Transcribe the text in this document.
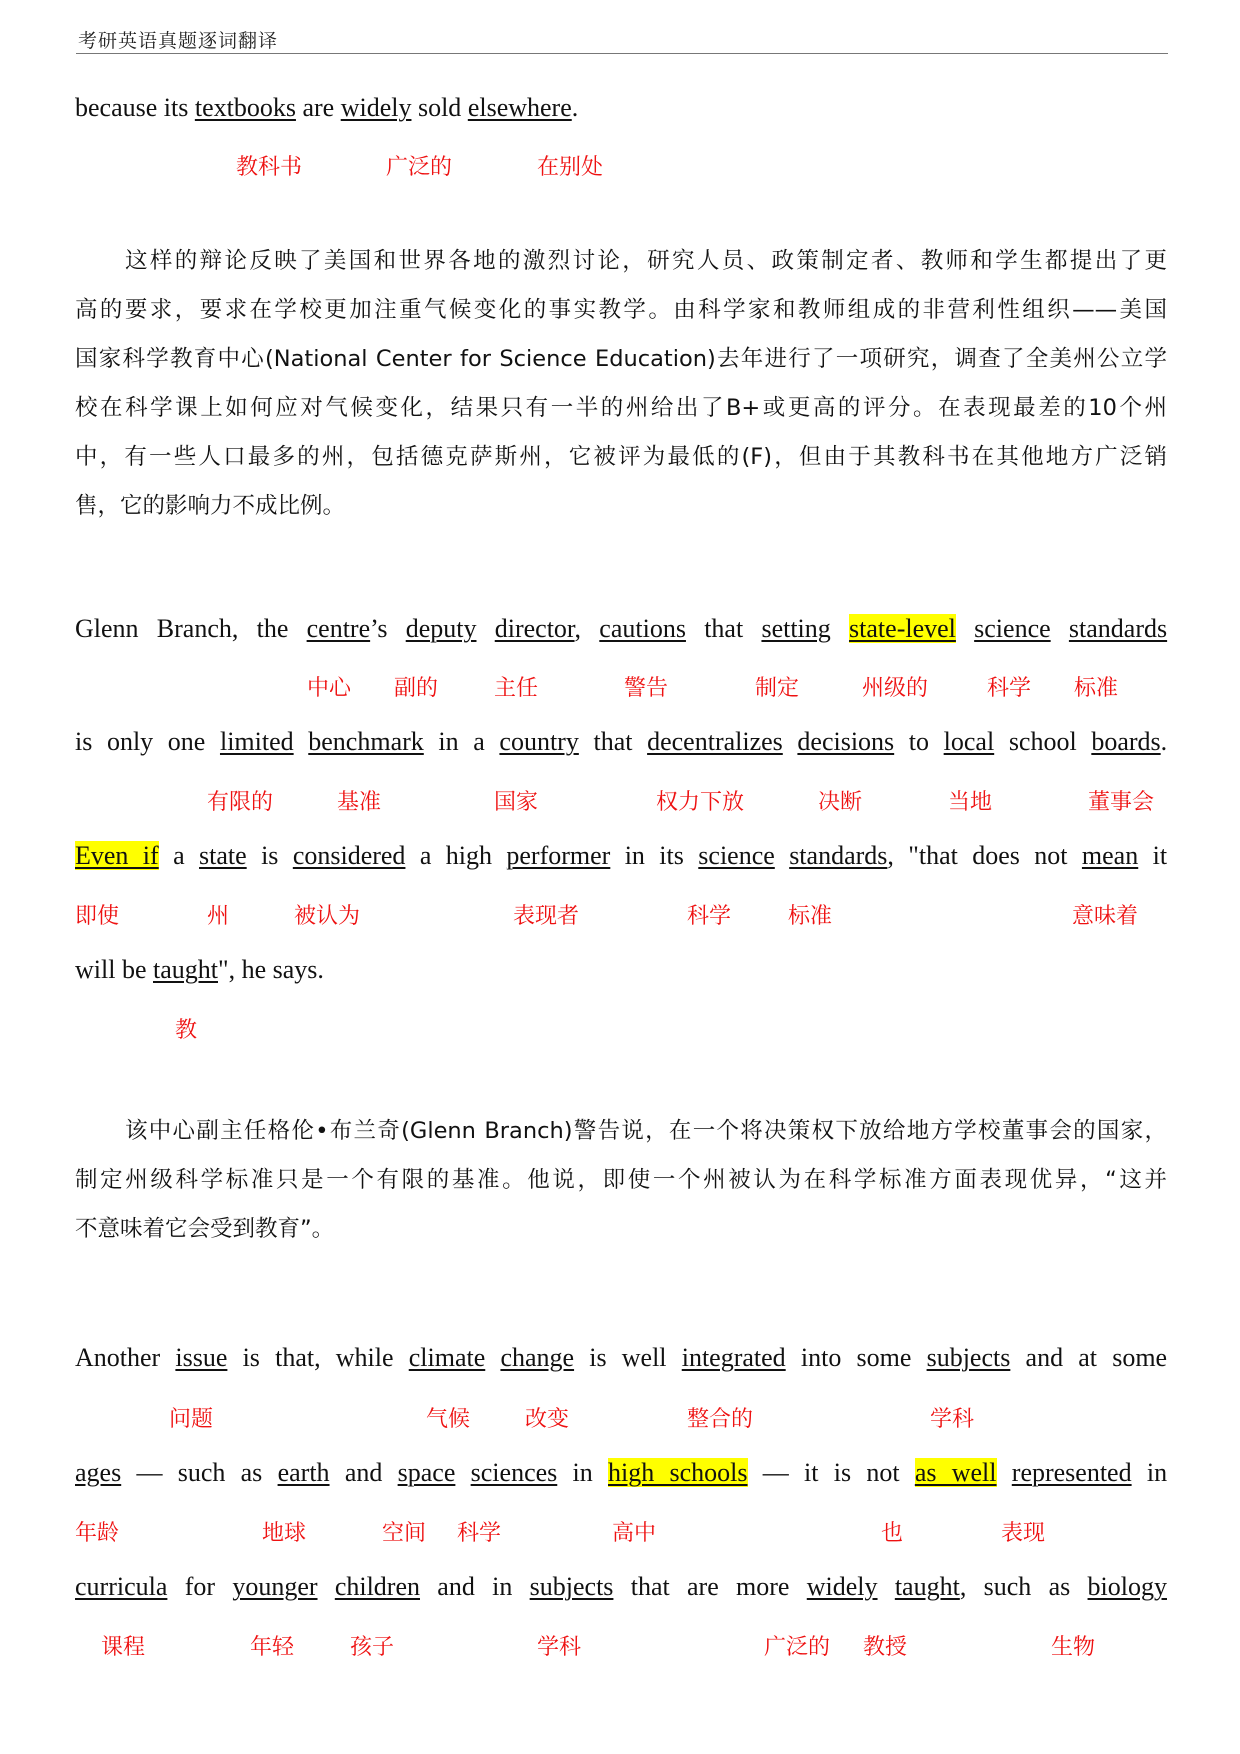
考研英语真题逐词翻译
because its textbooks are widely sold elsewhere.
Glenn Branch, the centre’s deputy director, cautions that setting state-level science standards
is only one limited benchmark in a country that decentralizes decisions to local school boards.
Even if a state is considered a high performer in its science standards, "that does not mean it
will be taught", he says.
Another issue is that, while climate change is well integrated into some subjects and at some
ages — such as earth and space sciences in high schools — it is not as well represented in
curricula for younger children and in subjects that are more widely taught, such as biology
教科书	广泛的	在别处
中心 副的	主任	警告	制定	州级的	科学 标准
有限的	基准	国家	权力下放	决断	当地	董事会
即使	州	被认为	表现者	科学	标准	意味着
教
问题	气候 改变	整合的	学科
年龄	地球	空间 科学	高中	也	表现
课程	年轻	孩子	学科	广泛的 教授	生物
这样的辩论反映了美国和世界各地的激烈讨论，研究人员、政策制定者、教师和学生都提出了更
高的要求，要求在学校更加注重气候变化的事实教学。由科学家和教师组成的非营利性组织——美国
国家科学教育中心(National Center for Science Education)去年进行了一项研究，调查了全美州公立学
校在科学课上如何应对气候变化，结果只有一半的州给出了B+或更高的评分。在表现最差的10个州
中，有一些人口最多的州，包括德克萨斯州，它被评为最低的(F)，但由于其教科书在其他地方广泛销
售，它的影响力不成比例。
该中心副主任格伦•布兰奇(Glenn Branch)警告说，在一个将决策权下放给地方学校董事会的国家，
制定州级科学标准只是一个有限的基准。他说，即使一个州被认为在科学标准方面表现优异，“这并
不意味着它会受到教育”。
